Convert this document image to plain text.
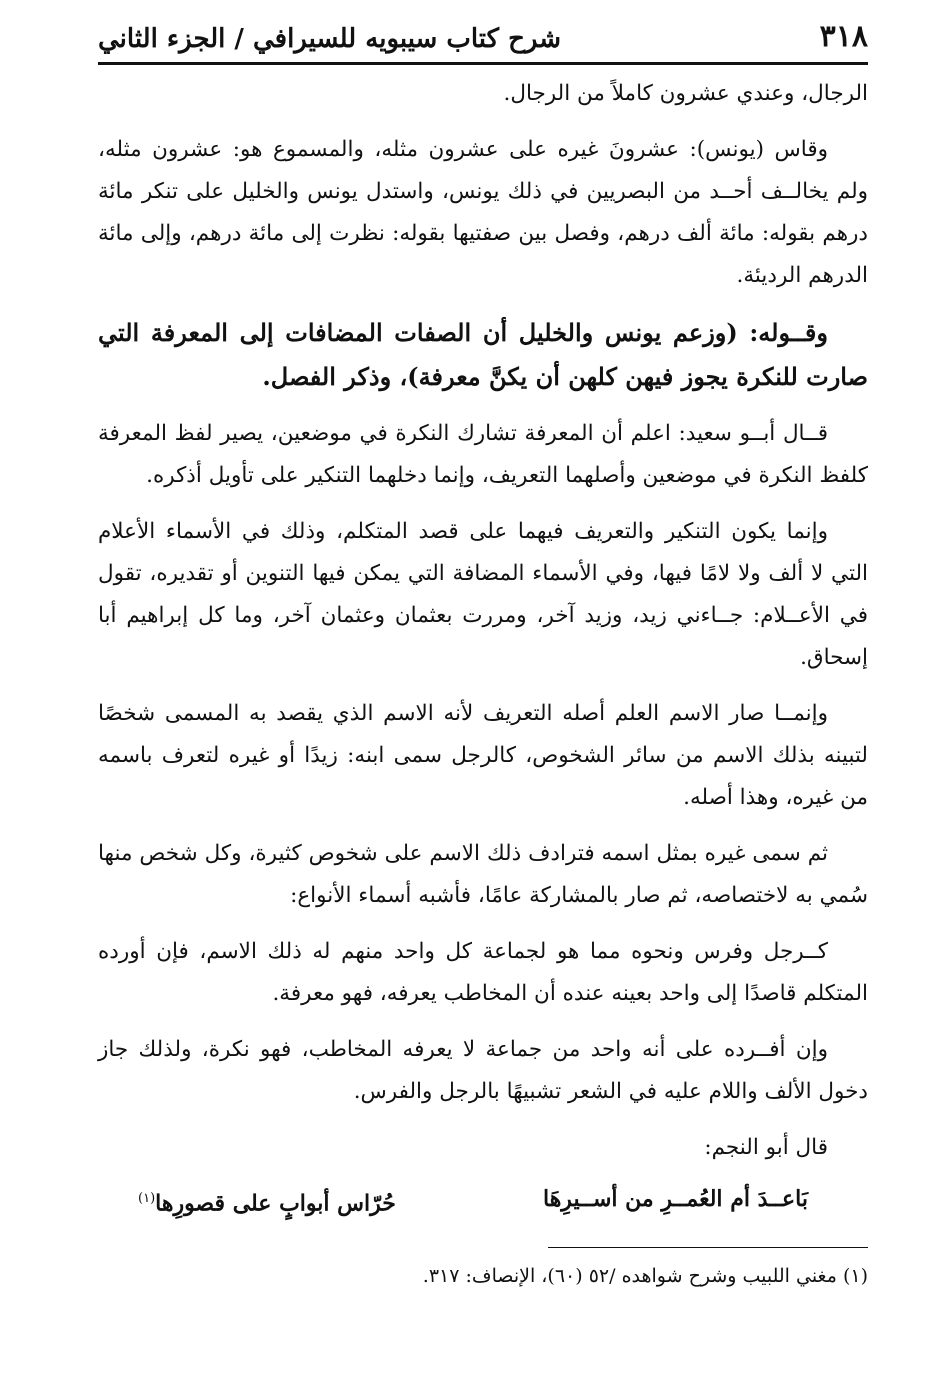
٣١٨
شرح كتاب سيبويه للسيرافي / الجزء الثاني

الرجال، وعندي عشرون كاملاً من الرجال.

وقاس (يونس): عشرونَ غيره على عشرون مثله، والمسموع هو: عشرون مثله، ولم يخالــف أحــد من البصريين في ذلك يونس، واستدل يونس والخليل على تنكر مائة درهم بقوله: مائة ألف درهم، وفصل بين صفتيها بقوله: نظرت إلى مائة درهم، وإلى مائة الدرهم الرديئة.

وقــوله: (وزعم يونس والخليل أن الصفات المضافات إلى المعرفة التي صارت للنكرة يجوز فيهن كلهن أن يكنَّ معرفة)، وذكر الفصل.

قــال أبــو سعيد: اعلم أن المعرفة تشارك النكرة في موضعين، يصير لفظ المعرفة كلفظ النكرة في موضعين وأصلهما التعريف، وإنما دخلهما التنكير على تأويل أذكره.

وإنما يكون التنكير والتعريف فيهما على قصد المتكلم، وذلك في الأسماء الأعلام التي لا ألف ولا لامًا فيها، وفي الأسماء المضافة التي يمكن فيها التنوين أو تقديره، تقول في الأعــلام: جــاءني زيد، وزيد آخر، ومررت بعثمان وعثمان آخر، وما كل إبراهيم أبا إسحاق.

وإنمــا صار الاسم العلم أصله التعريف لأنه الاسم الذي يقصد به المسمى شخصًا لتبينه بذلك الاسم من سائر الشخوص، كالرجل سمى ابنه: زيدًا أو غيره لتعرف باسمه من غيره، وهذا أصله.

ثم سمى غيره بمثل اسمه فترادف ذلك الاسم على شخوص كثيرة، وكل شخص منها سُمي به لاختصاصه، ثم صار بالمشاركة عامًا، فأشبه أسماء الأنواع:

كــرجل وفرس ونحوه مما هو لجماعة كل واحد منهم له ذلك الاسم، فإن أورده المتكلم قاصدًا إلى واحد بعينه عنده أن المخاطب يعرفه، فهو معرفة.

وإن أفــرده على أنه واحد من جماعة لا يعرفه المخاطب، فهو نكرة، ولذلك جاز دخول الألف واللام عليه في الشعر تشبيهًا بالرجل والفرس.

قال أبو النجم:

بَاعــدَ أم العُمــرِ من أســيرِهَا
حُرّاس أبوابٍ على قصورِها$^{(١)}$
(١) مغني اللبيب وشرح شواهده /٥٢ (٦٠)، الإنصاف: ٣١٧.
